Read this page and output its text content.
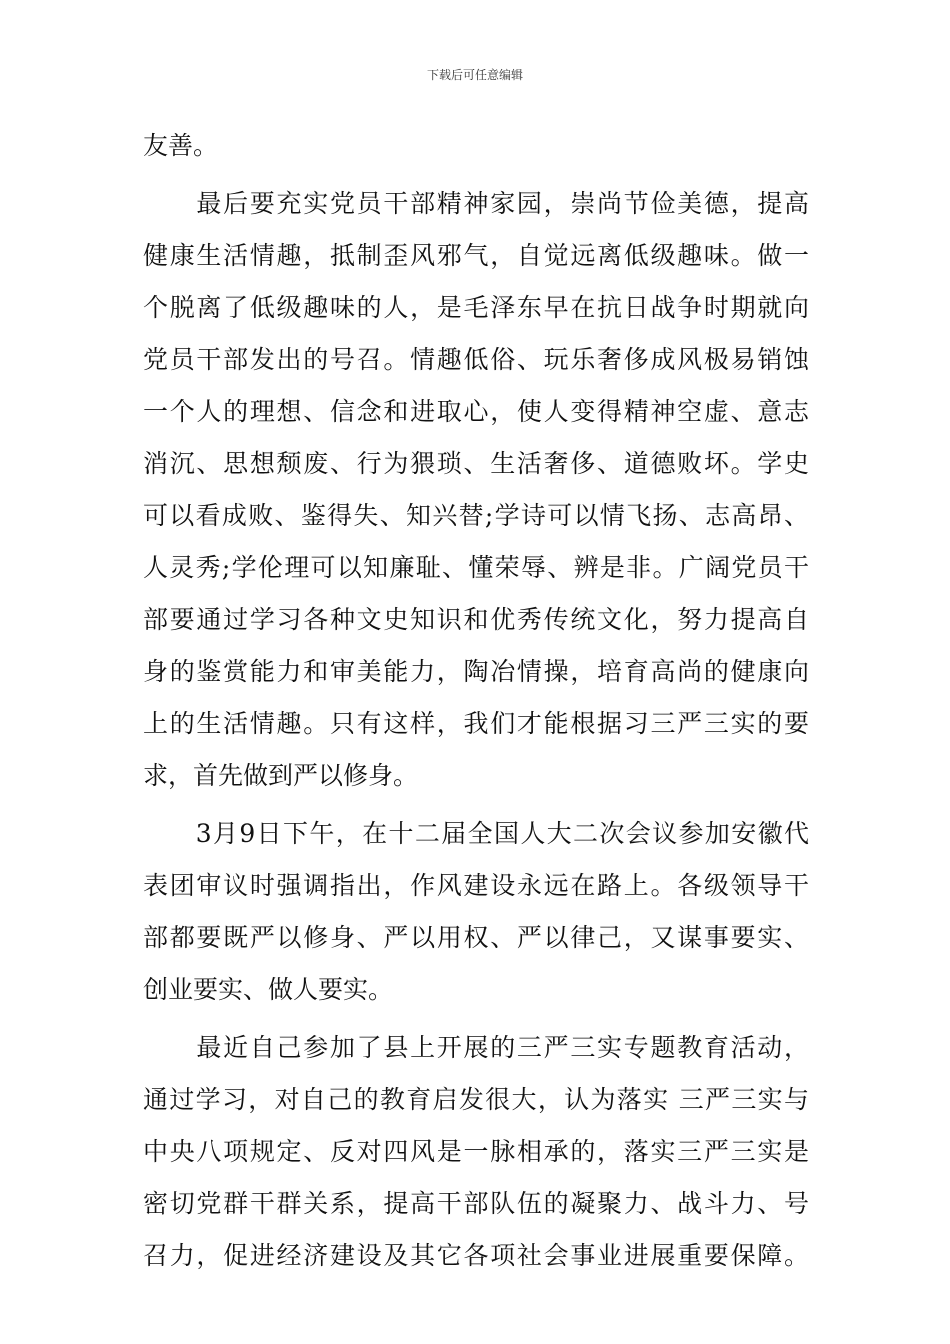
下载后可任意编辑
友善。
　　最后要充实党员干部精神家园，崇尚节俭美德，提高
健康生活情趣，抵制歪风邪气，自觉远离低级趣味。做一
个脱离了低级趣味的人，是毛泽东早在抗日战争时期就向
党员干部发出的号召。情趣低俗、玩乐奢侈成风极易销蚀
一个人的理想、信念和进取心，使人变得精神空虚、意志
消沉、思想颓废、行为猥琐、生活奢侈、道德败坏。学史
可以看成败、鉴得失、知兴替;学诗可以情飞扬、志高昂、
人灵秀;学伦理可以知廉耻、懂荣辱、辨是非。广阔党员干
部要通过学习各种文史知识和优秀传统文化，努力提高自
身的鉴赏能力和审美能力，陶冶情操，培育高尚的健康向
上的生活情趣。只有这样，我们才能根据习三严三实的要
求，首先做到严以修身。
　　3月9日下午，在十二届全国人大二次会议参加安徽代
表团审议时强调指出，作风建设永远在路上。各级领导干
部都要既严以修身、严以用权、严以律己，又谋事要实、
创业要实、做人要实。
　　最近自己参加了县上开展的三严三实专题教育活动，
通过学习，对自己的教育启发很大，认为落实 三严三实与
中央八项规定、反对四风是一脉相承的，落实三严三实是
密切党群干群关系，提高干部队伍的凝聚力、战斗力、号
召力，促进经济建设及其它各项社会事业进展重要保障。
